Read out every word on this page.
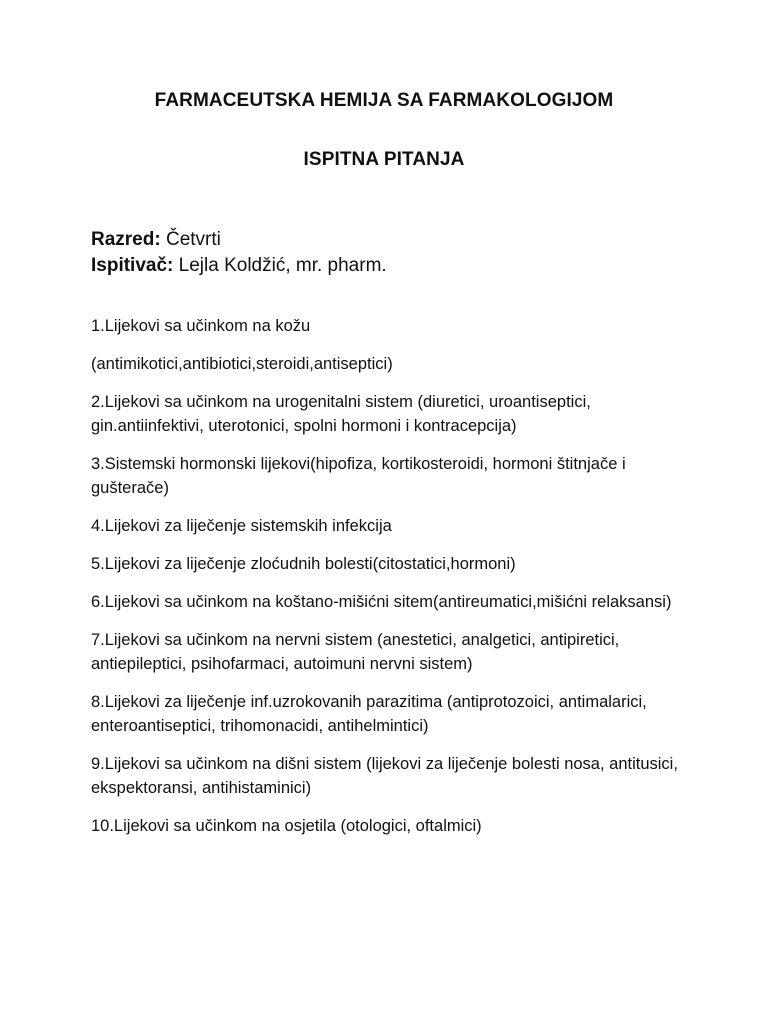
FARMACEUTSKA HEMIJA SA FARMAKOLOGIJOM
ISPITNA PITANJA
Razred: Četvrti
Ispitivač: Lejla Koldžić, mr. pharm.

1.Lijekovi sa učinkom na kožu

(antimikotici,antibiotici,steroidi,antiseptici)

2.Lijekovi sa učinkom na urogenitalni sistem (diuretici, uroantiseptici, gin.antiinfektivi, uterotonici, spolni hormoni i kontracepcija)

3.Sistemski hormonski lijekovi(hipofiza, kortikosteroidi, hormoni štitnjače i gušterače)

4.Lijekovi za liječenje sistemskih infekcija

5.Lijekovi za liječenje zloćudnih bolesti(citostatici,hormoni)

6.Lijekovi sa učinkom na koštano-mišićni sitem(antireumatici,mišićni relaksansi)

7.Lijekovi sa učinkom na nervni sistem (anestetici, analgetici, antipiretici, antiepileptici, psihofarmaci, autoimuni nervni sistem)

8.Lijekovi za liječenje inf.uzrokovanih parazitima (antiprotozoici, antimalarici, enteroantiseptici, trihomonacidi, antihelmintici)

9.Lijekovi sa učinkom na dišni sistem (lijekovi za liječenje bolesti nosa, antitusici, ekspektoransi, antihistaminici)

10.Lijekovi sa učinkom na osjetila (otologici, oftalmici)
